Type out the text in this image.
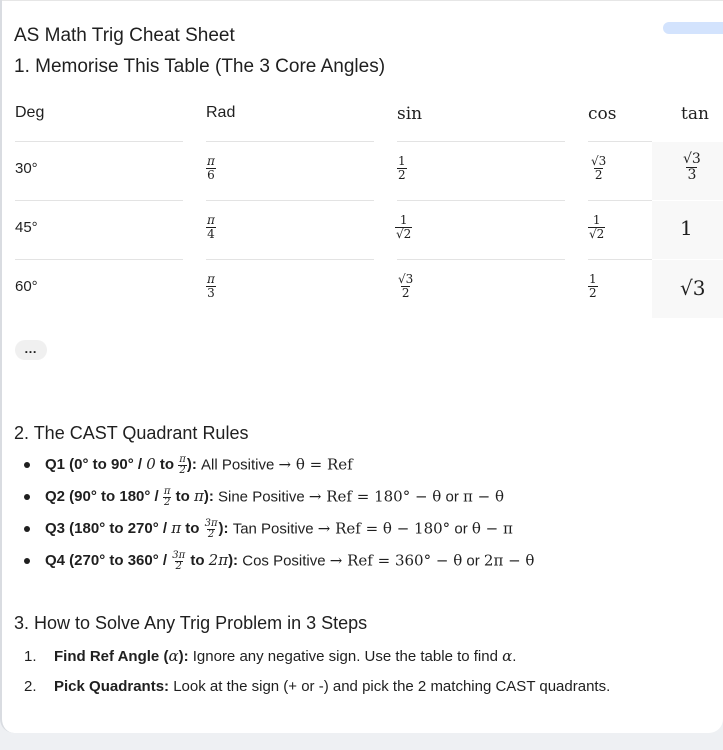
AS Math Trig Cheat Sheet
1. Memorise This Table (The 3 Core Angles)
Deg	Rad	sin	cos	tan
30°	$\frac{\pi}{6}$	$\frac{1}{2}$	$\frac{√3}{2}$	$\frac{√3}{3}$
45°	$\frac{\pi}{4}$	$\frac{1}{√2}$	$\frac{1}{√2}$	1
60°	$\frac{\pi}{3}$	$\frac{√3}{2}$	$\frac{1}{2}$	√3
…
2. The CAST Quadrant Rules
Q1 (0° to 90° / 0 to $\frac{\pi}{2}$ ): All Positive → θ = Ref
Q2 (90° to $180^\circ / \frac{\pi}{2}$ to π): Sine Positive → Ref = 180° − θ or π − θ
Q3 (180° to 270° / π to $\frac{3\pi}{2}$ ): Tan Positive → Ref = θ − 180° or θ − π
Q4 (270° to $360^\circ / \frac{3\pi}{2}$ to 2π): Cos Positive → Ref = 360° − θ or 2π − θ
3. How to Solve Any Trig Problem in 3 Steps
1. Find Ref Angle (α): Ignore any negative sign. Use the table to find α.
2. Pick Quadrants: Look at the sign (+ or -) and pick the 2 matching CAST quadrants.
